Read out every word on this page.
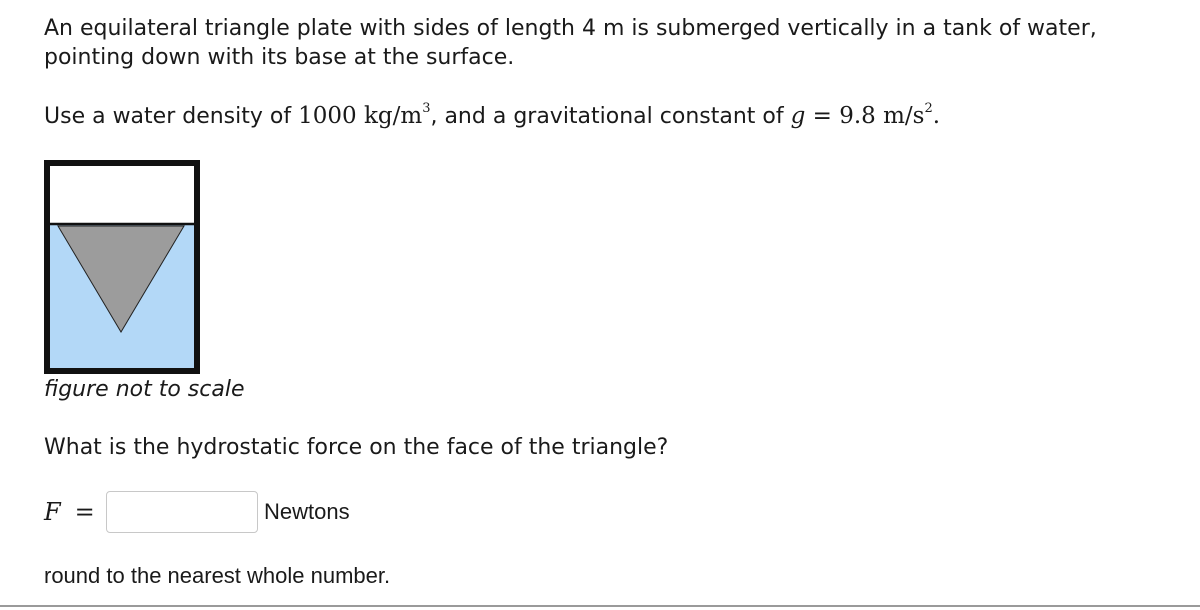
An equilateral triangle plate with sides of length 4 m is submerged vertically in a tank of water,

pointing down with its base at the surface.

Use a water density of 1000 $kg/m^3$, and a gravitational constant of g = 9.8 $m/s^2$.

figure not to scale

What is the hydrostatic force on the face of the triangle?

F =	Newtons

round to the nearest whole number.
